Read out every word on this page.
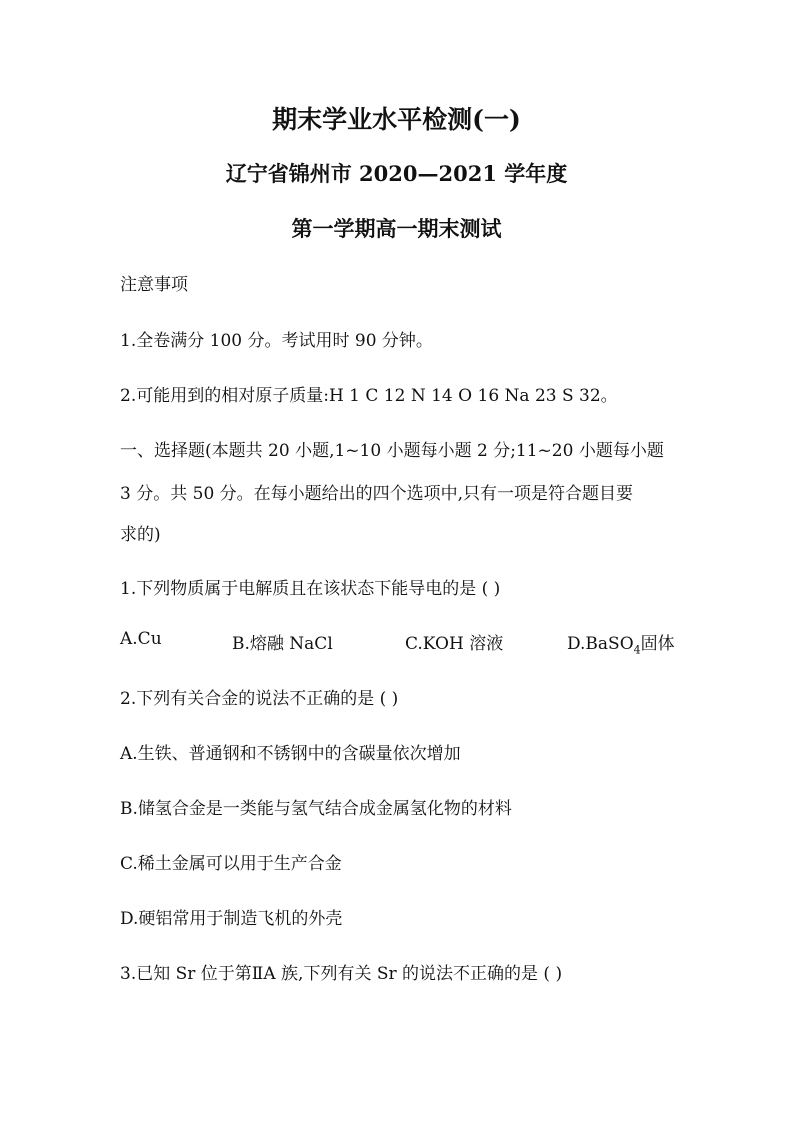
期末学业水平检测(一)
辽宁省锦州市 2020—2021 学年度
第一学期高一期末测试
注意事项
1.全卷满分 100 分。考试用时 90 分钟。
2.可能用到的相对原子质量:H 1 C 12 N 14 O 16 Na 23 S 32。
一、选择题(本题共 20 小题,1~10 小题每小题 2 分;11~20 小题每小题
3 分。共 50 分。在每小题给出的四个选项中,只有一项是符合题目要
求的)
1.下列物质属于电解质且在该状态下能导电的是 ( )
A.Cu	B.熔融 NaCl	C.KOH 溶液	D.BaSO$_4$固体
2.下列有关合金的说法不正确的是 ( )
A.生铁、普通钢和不锈钢中的含碳量依次增加
B.储氢合金是一类能与氢气结合成金属氢化物的材料
C.稀土金属可以用于生产合金
D.硬铝常用于制造飞机的外壳
3.已知 Sr 位于第ⅡA 族,下列有关 Sr 的说法不正确的是 ( )
